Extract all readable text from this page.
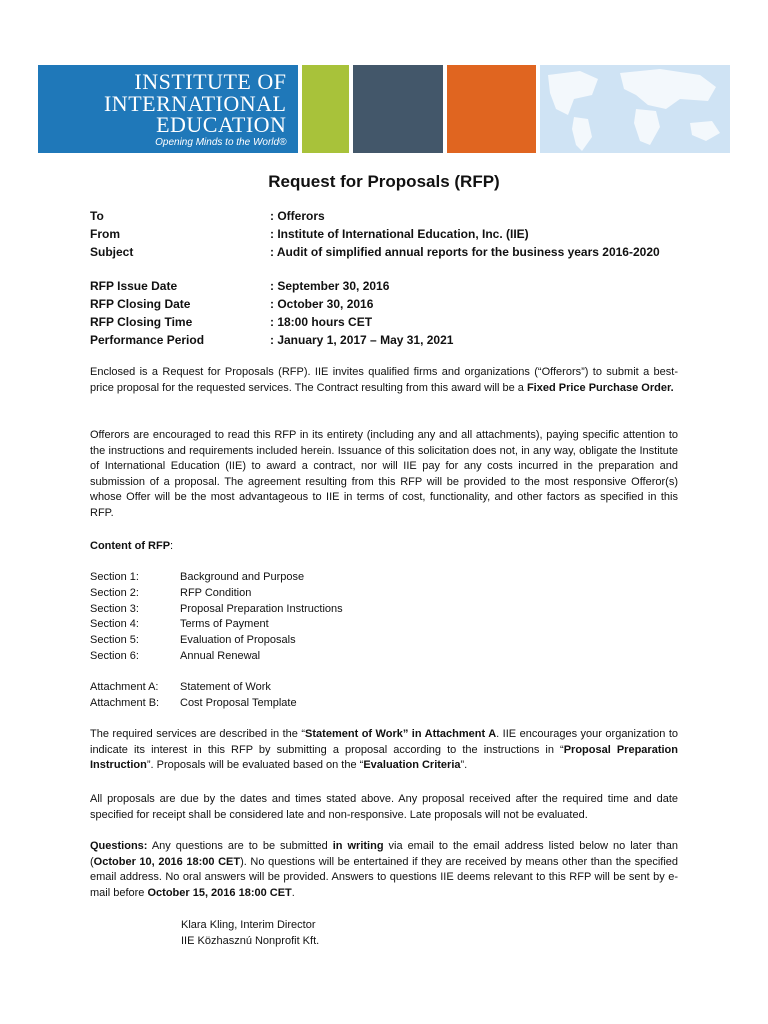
INSTITUTE OF
INTERNATIONAL
EDUCATION
Opening Minds to the World®
Request for Proposals (RFP)
To	: Offerors
From	: Institute of International Education, Inc. (IIE)
Subject	: Audit of simplified annual reports for the business years 2016-2020
RFP Issue Date	: September 30, 2016
RFP Closing Date	: October 30, 2016
RFP Closing Time	: 18:00 hours CET
Performance Period	: January 1, 2017 – May 31, 2021
Enclosed is a Request for Proposals (RFP). IIE invites qualified firms and organizations (“Offerors”) to submit a best-price proposal for the requested services. The Contract resulting from this award will be a Fixed Price Purchase Order.
Offerors are encouraged to read this RFP in its entirety (including any and all attachments), paying specific attention to the instructions and requirements included herein. Issuance of this solicitation does not, in any way, obligate the Institute of International Education (IIE) to award a contract, nor will IIE pay for any costs incurred in the preparation and submission of a proposal. The agreement resulting from this RFP will be provided to the most responsive Offeror(s) whose Offer will be the most advantageous to IIE in terms of cost, functionality, and other factors as specified in this RFP.
Content of RFP:
Section 1:	Background and Purpose
Section 2:	RFP Condition
Section 3:	Proposal Preparation Instructions
Section 4:	Terms of Payment
Section 5:	Evaluation of Proposals
Section 6:	Annual Renewal
Attachment A: Statement of Work
Attachment B: Cost Proposal Template
The required services are described in the “Statement of Work” in Attachment A. IIE encourages your organization to indicate its interest in this RFP by submitting a proposal according to the instructions in “Proposal Preparation Instruction”. Proposals will be evaluated based on the “Evaluation Criteria”.
All proposals are due by the dates and times stated above. Any proposal received after the required time and date specified for receipt shall be considered late and non-responsive. Late proposals will not be evaluated.
Questions: Any questions are to be submitted in writing via email to the email address listed below no later than (October 10, 2016 18:00 CET). No questions will be entertained if they are received by means other than the specified email address. No oral answers will be provided. Answers to questions IIE deems relevant to this RFP will be sent by e-mail before October 15, 2016 18:00 CET.
Klara Kling, Interim Director
IIE Közhasznú Nonprofit Kft.
